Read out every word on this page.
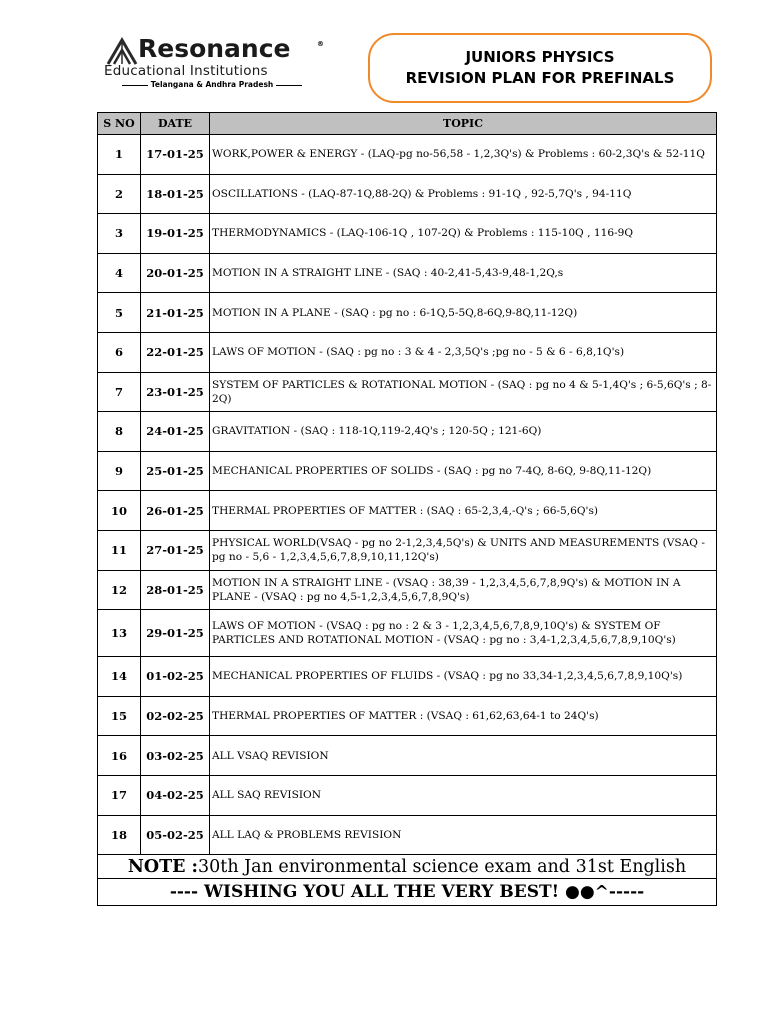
Resonance	®
Educational Institutions
Telangana & Andhra Pradesh
JUNIORS PHYSICS
REVISION PLAN FOR PREFINALS
S NO	DATE	TOPIC
1	17-01-25	WORK,POWER & ENERGY - (LAQ-pg no-56,58 - 1,2,3Q's) & Problems : 60-2,3Q's & 52-11Q
2	18-01-25	OSCILLATIONS - (LAQ-87-1Q,88-2Q) & Problems : 91-1Q , 92-5,7Q's , 94-11Q
3	19-01-25	THERMODYNAMICS - (LAQ-106-1Q , 107-2Q) & Problems : 115-10Q , 116-9Q
4	20-01-25	MOTION IN A STRAIGHT LINE - (SAQ : 40-2,41-5,43-9,48-1,2Q,s
5	21-01-25	MOTION IN A PLANE - (SAQ : pg no : 6-1Q,5-5Q,8-6Q,9-8Q,11-12Q)
6	22-01-25	LAWS OF MOTION - (SAQ : pg no : 3 & 4 - 2,3,5Q's ;pg no - 5 & 6 - 6,8,1Q's)
7	23-01-25	SYSTEM OF PARTICLES & ROTATIONAL MOTION - (SAQ : pg no 4 & 5-1,4Q's ; 6-5,6Q's ; 8-2Q)
8	24-01-25	GRAVITATION - (SAQ : 118-1Q,119-2,4Q's ; 120-5Q ; 121-6Q)
9	25-01-25	MECHANICAL PROPERTIES OF SOLIDS - (SAQ : pg no 7-4Q, 8-6Q, 9-8Q,11-12Q)
10	26-01-25	THERMAL PROPERTIES OF MATTER : (SAQ : 65-2,3,4,-Q's ; 66-5,6Q's)
11	27-01-25	PHYSICAL WORLD(VSAQ - pg no 2-1,2,3,4,5Q's) & UNITS AND MEASUREMENTS (VSAQ - pg no - 5,6 - 1,2,3,4,5,6,7,8,9,10,11,12Q's)
12	28-01-25	MOTION IN A STRAIGHT LINE - (VSAQ : 38,39 - 1,2,3,4,5,6,7,8,9Q's) & MOTION IN A PLANE - (VSAQ : pg no 4,5-1,2,3,4,5,6,7,8,9Q's)
13	29-01-25	LAWS OF MOTION - (VSAQ : pg no : 2 & 3 - 1,2,3,4,5,6,7,8,9,10Q's) & SYSTEM OF PARTICLES AND ROTATIONAL MOTION - (VSAQ : pg no : 3,4-1,2,3,4,5,6,7,8,9,10Q's)
14	01-02-25	MECHANICAL PROPERTIES OF FLUIDS - (VSAQ : pg no 33,34-1,2,3,4,5,6,7,8,9,10Q's)
15	02-02-25	THERMAL PROPERTIES OF MATTER : (VSAQ : 61,62,63,64-1 to 24Q's)
16	03-02-25	ALL VSAQ REVISION
17	04-02-25	ALL SAQ REVISION
18	05-02-25	ALL LAQ & PROBLEMS REVISION
NOTE :30th Jan environmental science exam and 31st English		
---- WISHING YOU ALL THE VERY BEST! ●●^-----		
